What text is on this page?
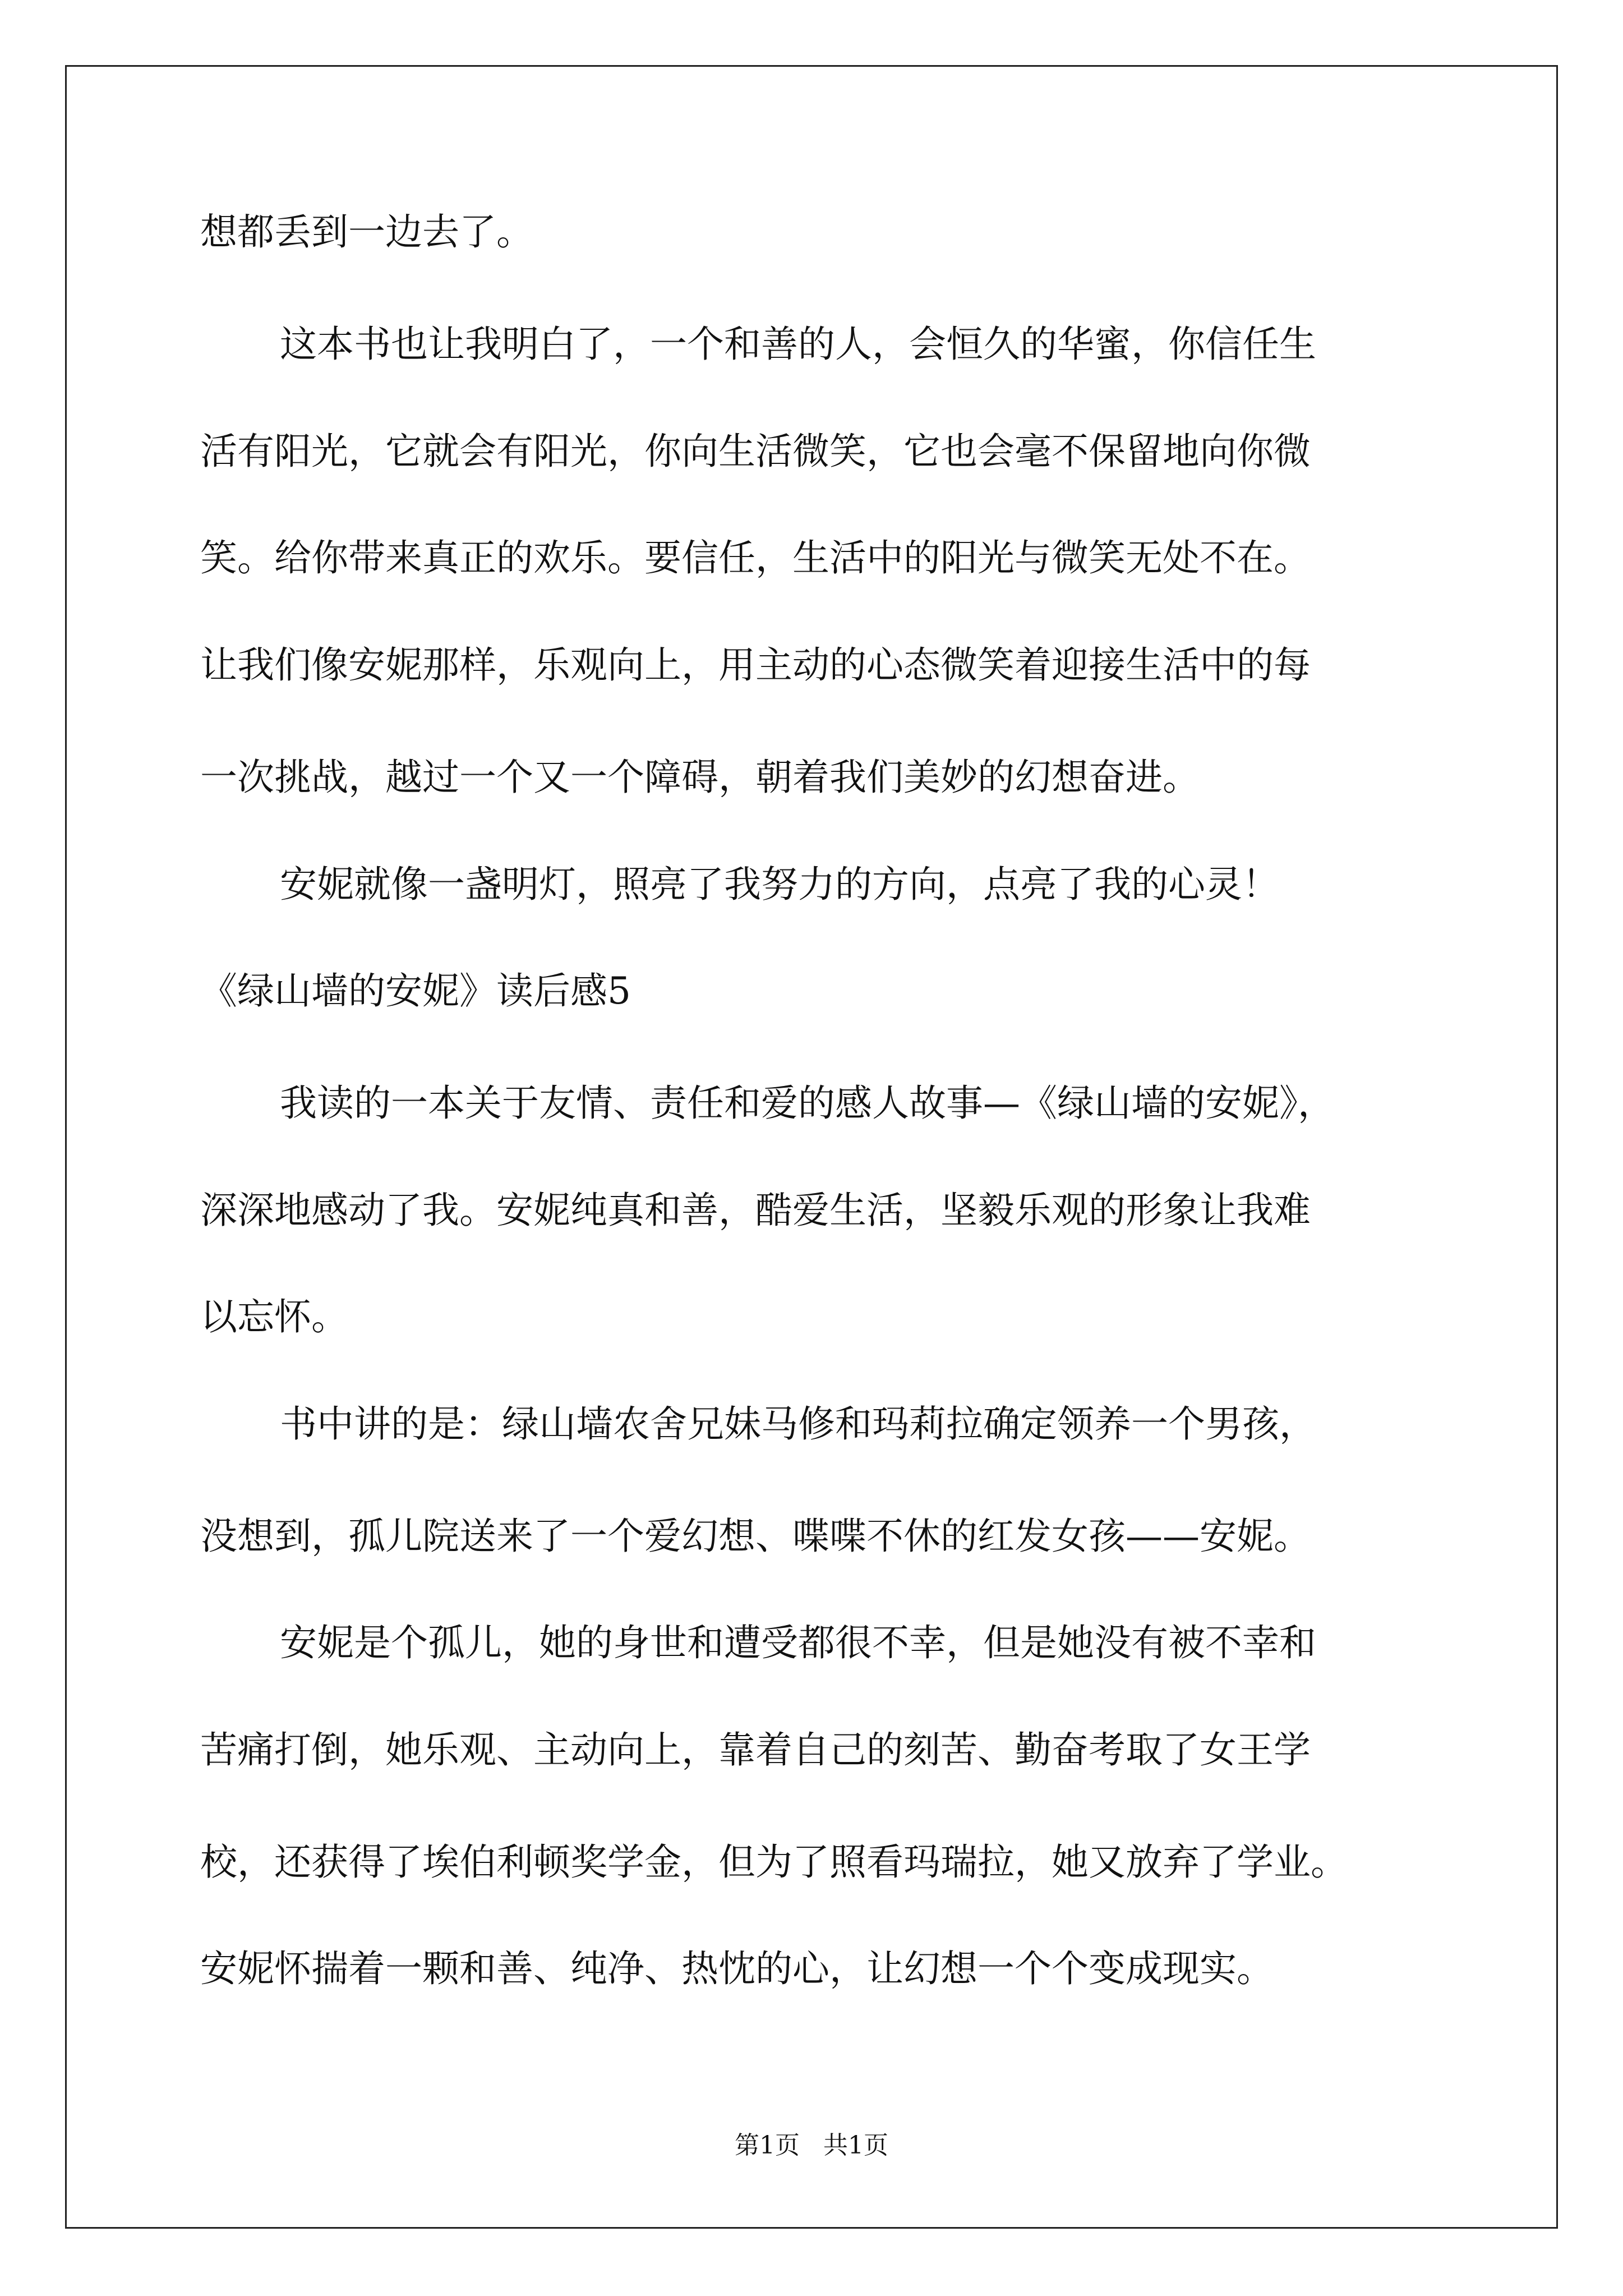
想都丢到一边去了。
这本书也让我明白了，一个和善的人，会恒久的华蜜，你信任生
活有阳光，它就会有阳光，你向生活微笑，它也会毫不保留地向你微
笑。给你带来真正的欢乐。要信任，生活中的阳光与微笑无处不在。
让我们像安妮那样，乐观向上，用主动的心态微笑着迎接生活中的每
一次挑战，越过一个又一个障碍，朝着我们美妙的幻想奋进。
安妮就像一盏明灯，照亮了我努力的方向，点亮了我的心灵！
《绿山墙的安妮》读后感5
我读的一本关于友情、责任和爱的感人故事—《绿山墙的安妮》，
深深地感动了我。安妮纯真和善，酷爱生活，坚毅乐观的形象让我难
以忘怀。
书中讲的是：绿山墙农舍兄妹马修和玛莉拉确定领养一个男孩，
没想到，孤儿院送来了一个爱幻想、喋喋不休的红发女孩——安妮。
安妮是个孤儿，她的身世和遭受都很不幸，但是她没有被不幸和
苦痛打倒，她乐观、主动向上，靠着自己的刻苦、勤奋考取了女王学
校，还获得了埃伯利顿奖学金，但为了照看玛瑞拉，她又放弃了学业。
安妮怀揣着一颗和善、纯净、热忱的心，让幻想一个个变成现实。
第1页   共1页
